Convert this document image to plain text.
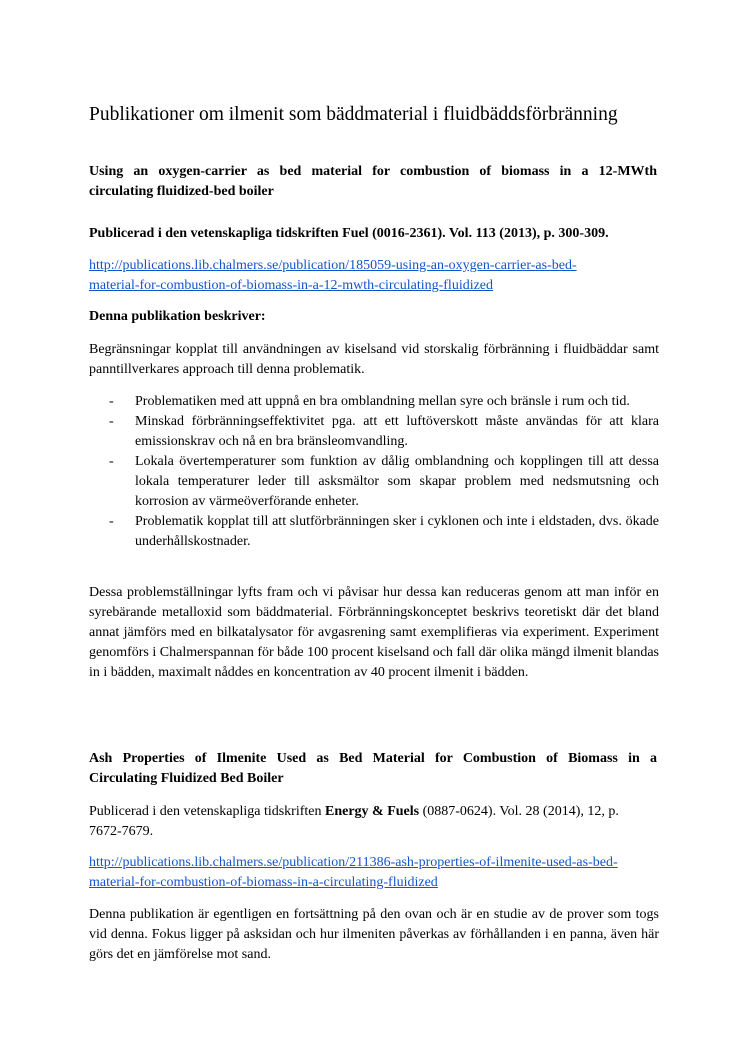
Publikationer om ilmenit som bäddmaterial i fluidbäddsförbränning
Using an oxygen-carrier as bed material for combustion of biomass in a 12-MWth
circulating fluidized-bed boiler

Publicerad i den vetenskapliga tidskriften Fuel (0016-2361). Vol. 113 (2013), p. 300-309.

http://publications.lib.chalmers.se/publication/185059-using-an-oxygen-carrier-as-bed-
material-for-combustion-of-biomass-in-a-12-mwth-circulating-fluidized

Denna publikation beskriver:

Begränsningar kopplat till användningen av kiselsand vid storskalig förbränning i fluidbäddar samt panntillverkares approach till denna problematik.

- Problematiken med att uppnå en bra omblandning mellan syre och bränsle i rum och tid.
- Minskad förbränningseffektivitet pga. att ett luftöverskott måste användas för att klara emissionskrav och nå en bra bränsleomvandling.
- Lokala övertemperaturer som funktion av dålig omblandning och kopplingen till att dessa lokala temperaturer leder till asksmältor som skapar problem med nedsmutsning och korrosion av värmeöverförande enheter.
- Problematik kopplat till att slutförbränningen sker i cyklonen och inte i eldstaden, dvs. ökade underhållskostnader.

Dessa problemställningar lyfts fram och vi påvisar hur dessa kan reduceras genom att man inför en syrebärande metalloxid som bäddmaterial. Förbränningskonceptet beskrivs teoretiskt där det bland annat jämförs med en bilkatalysator för avgasrening samt exemplifieras via experiment. Experiment genomförs i Chalmerspannan för både 100 procent kiselsand och fall där olika mängd ilmenit blandas in i bädden, maximalt nåddes en koncentration av 40 procent ilmenit i bädden.

Ash Properties of Ilmenite Used as Bed Material for Combustion of Biomass in a
Circulating Fluidized Bed Boiler
Publicerad i den vetenskapliga tidskriften Energy & Fuels (0887-0624). Vol. 28 (2014), 12, p.
7672-7679.
http://publications.lib.chalmers.se/publication/211386-ash-properties-of-ilmenite-used-as-bed-
material-for-combustion-of-biomass-in-a-circulating-fluidized

Denna publikation är egentligen en fortsättning på den ovan och är en studie av de prover som togs vid denna. Fokus ligger på asksidan och hur ilmeniten påverkas av förhållanden i en panna, även här görs det en jämförelse mot sand.
